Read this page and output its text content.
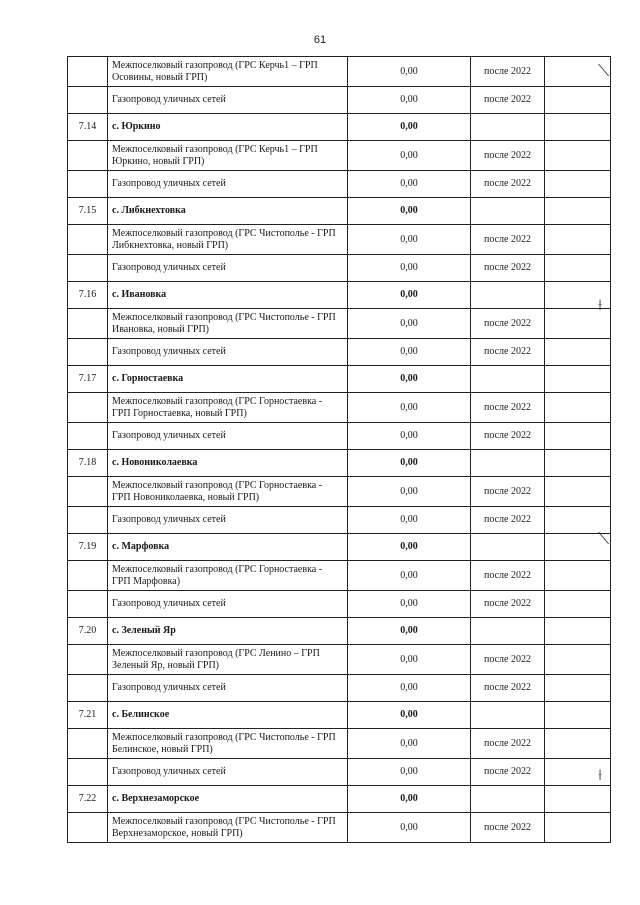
61
	Межпоселковый газопровод (ГРС Керчь1 – ГРП Осовины, новый ГРП)	0,00	после 2022	
	Газопровод уличных сетей	0,00	после 2022	
7.14	с. Юркино	0,00		
	Межпоселковый газопровод (ГРС Керчь1 – ГРП Юркино, новый ГРП)	0,00	после 2022	
	Газопровод уличных сетей	0,00	после 2022	
7.15	с. Либкнехтовка	0,00		
	Межпоселковый газопровод (ГРС Чистополье - ГРП Либкнехтовка, новый ГРП)	0,00	после 2022	
	Газопровод уличных сетей	0,00	после 2022	
7.16	с. Ивановка	0,00		
	Межпоселковый газопровод (ГРС Чистополье - ГРП Ивановка, новый ГРП)	0,00	после 2022	
	Газопровод уличных сетей	0,00	после 2022	
7.17	с. Горностаевка	0,00		
	Межпоселковый газопровод (ГРС Горностаевка - ГРП Горностаевка, новый ГРП)	0,00	после 2022	
	Газопровод уличных сетей	0,00	после 2022	
7.18	с. Новониколаевка	0,00		
	Межпоселковый газопровод (ГРС Горностаевка - ГРП Новониколаевка, новый ГРП)	0,00	после 2022	
	Газопровод уличных сетей	0,00	после 2022	
7.19	с. Марфовка	0,00		
	Межпоселковый газопровод (ГРС Горностаевка - ГРП Марфовка)	0,00	после 2022	
	Газопровод уличных сетей	0,00	после 2022	
7.20	с. Зеленый Яр	0,00		
	Межпоселковый газопровод (ГРС Ленино – ГРП Зеленый Яр, новый ГРП)	0,00	после 2022	
	Газопровод уличных сетей	0,00	после 2022	
7.21	с. Белинское	0,00		
	Межпоселковый газопровод (ГРС Чистополье - ГРП Белинское, новый ГРП)	0,00	после 2022	
	Газопровод уличных сетей	0,00	после 2022	
7.22	с. Верхнезаморское	0,00		
	Межпоселковый газопровод (ГРС Чистополье - ГРП Верхнезаморское, новый ГРП)	0,00	после 2022	
⟍
⟊
⟍
⟊
